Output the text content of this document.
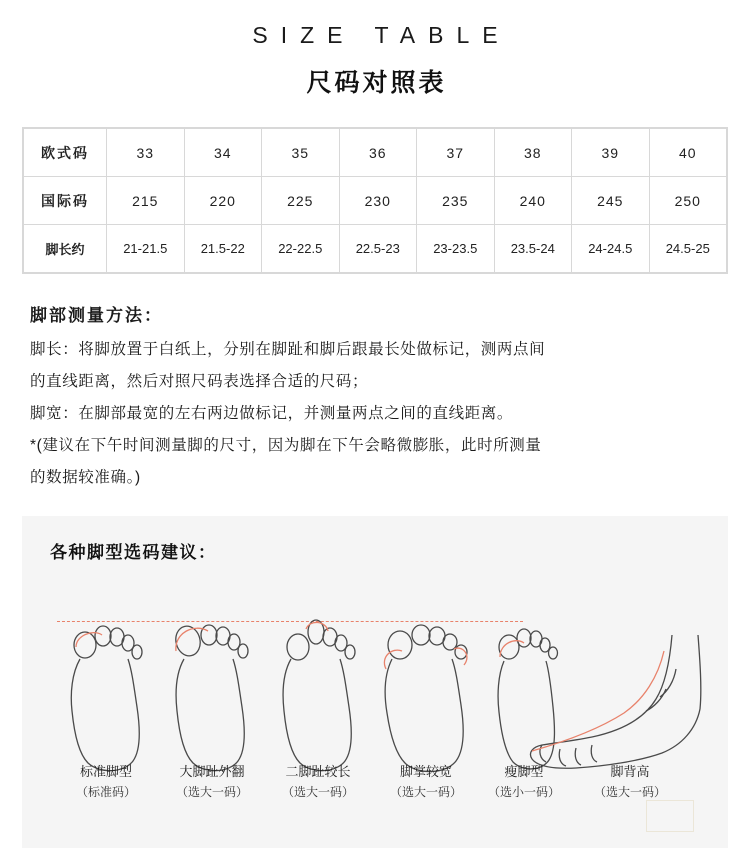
SIZE TABLE
尺码对照表
欧式码	33	34	35	36	37	38	39	40
国际码	215	220	225	230	235	240	245	250
脚长约	21-21.5	21.5-22	22-22.5	22.5-23	23-23.5	23.5-24	24-24.5	24.5-25
脚部测量方法：

脚长：将脚放置于白纸上，分别在脚趾和脚后跟最长处做标记，测两点间

的直线距离，然后对照尺码表选择合适的尺码；

脚宽：在脚部最宽的左右两边做标记，并测量两点之间的直线距离。

*(建议在下午时间测量脚的尺寸，因为脚在下午会略微膨胀，此时所测量

的数据较准确。)

各种脚型选码建议：
标准脚型
（标准码）
大脚趾外翻
（选大一码）
二脚趾较长
（选大一码）
脚掌较宽
（选大一码）
瘦脚型
（选小一码）
脚背高
（选大一码）
